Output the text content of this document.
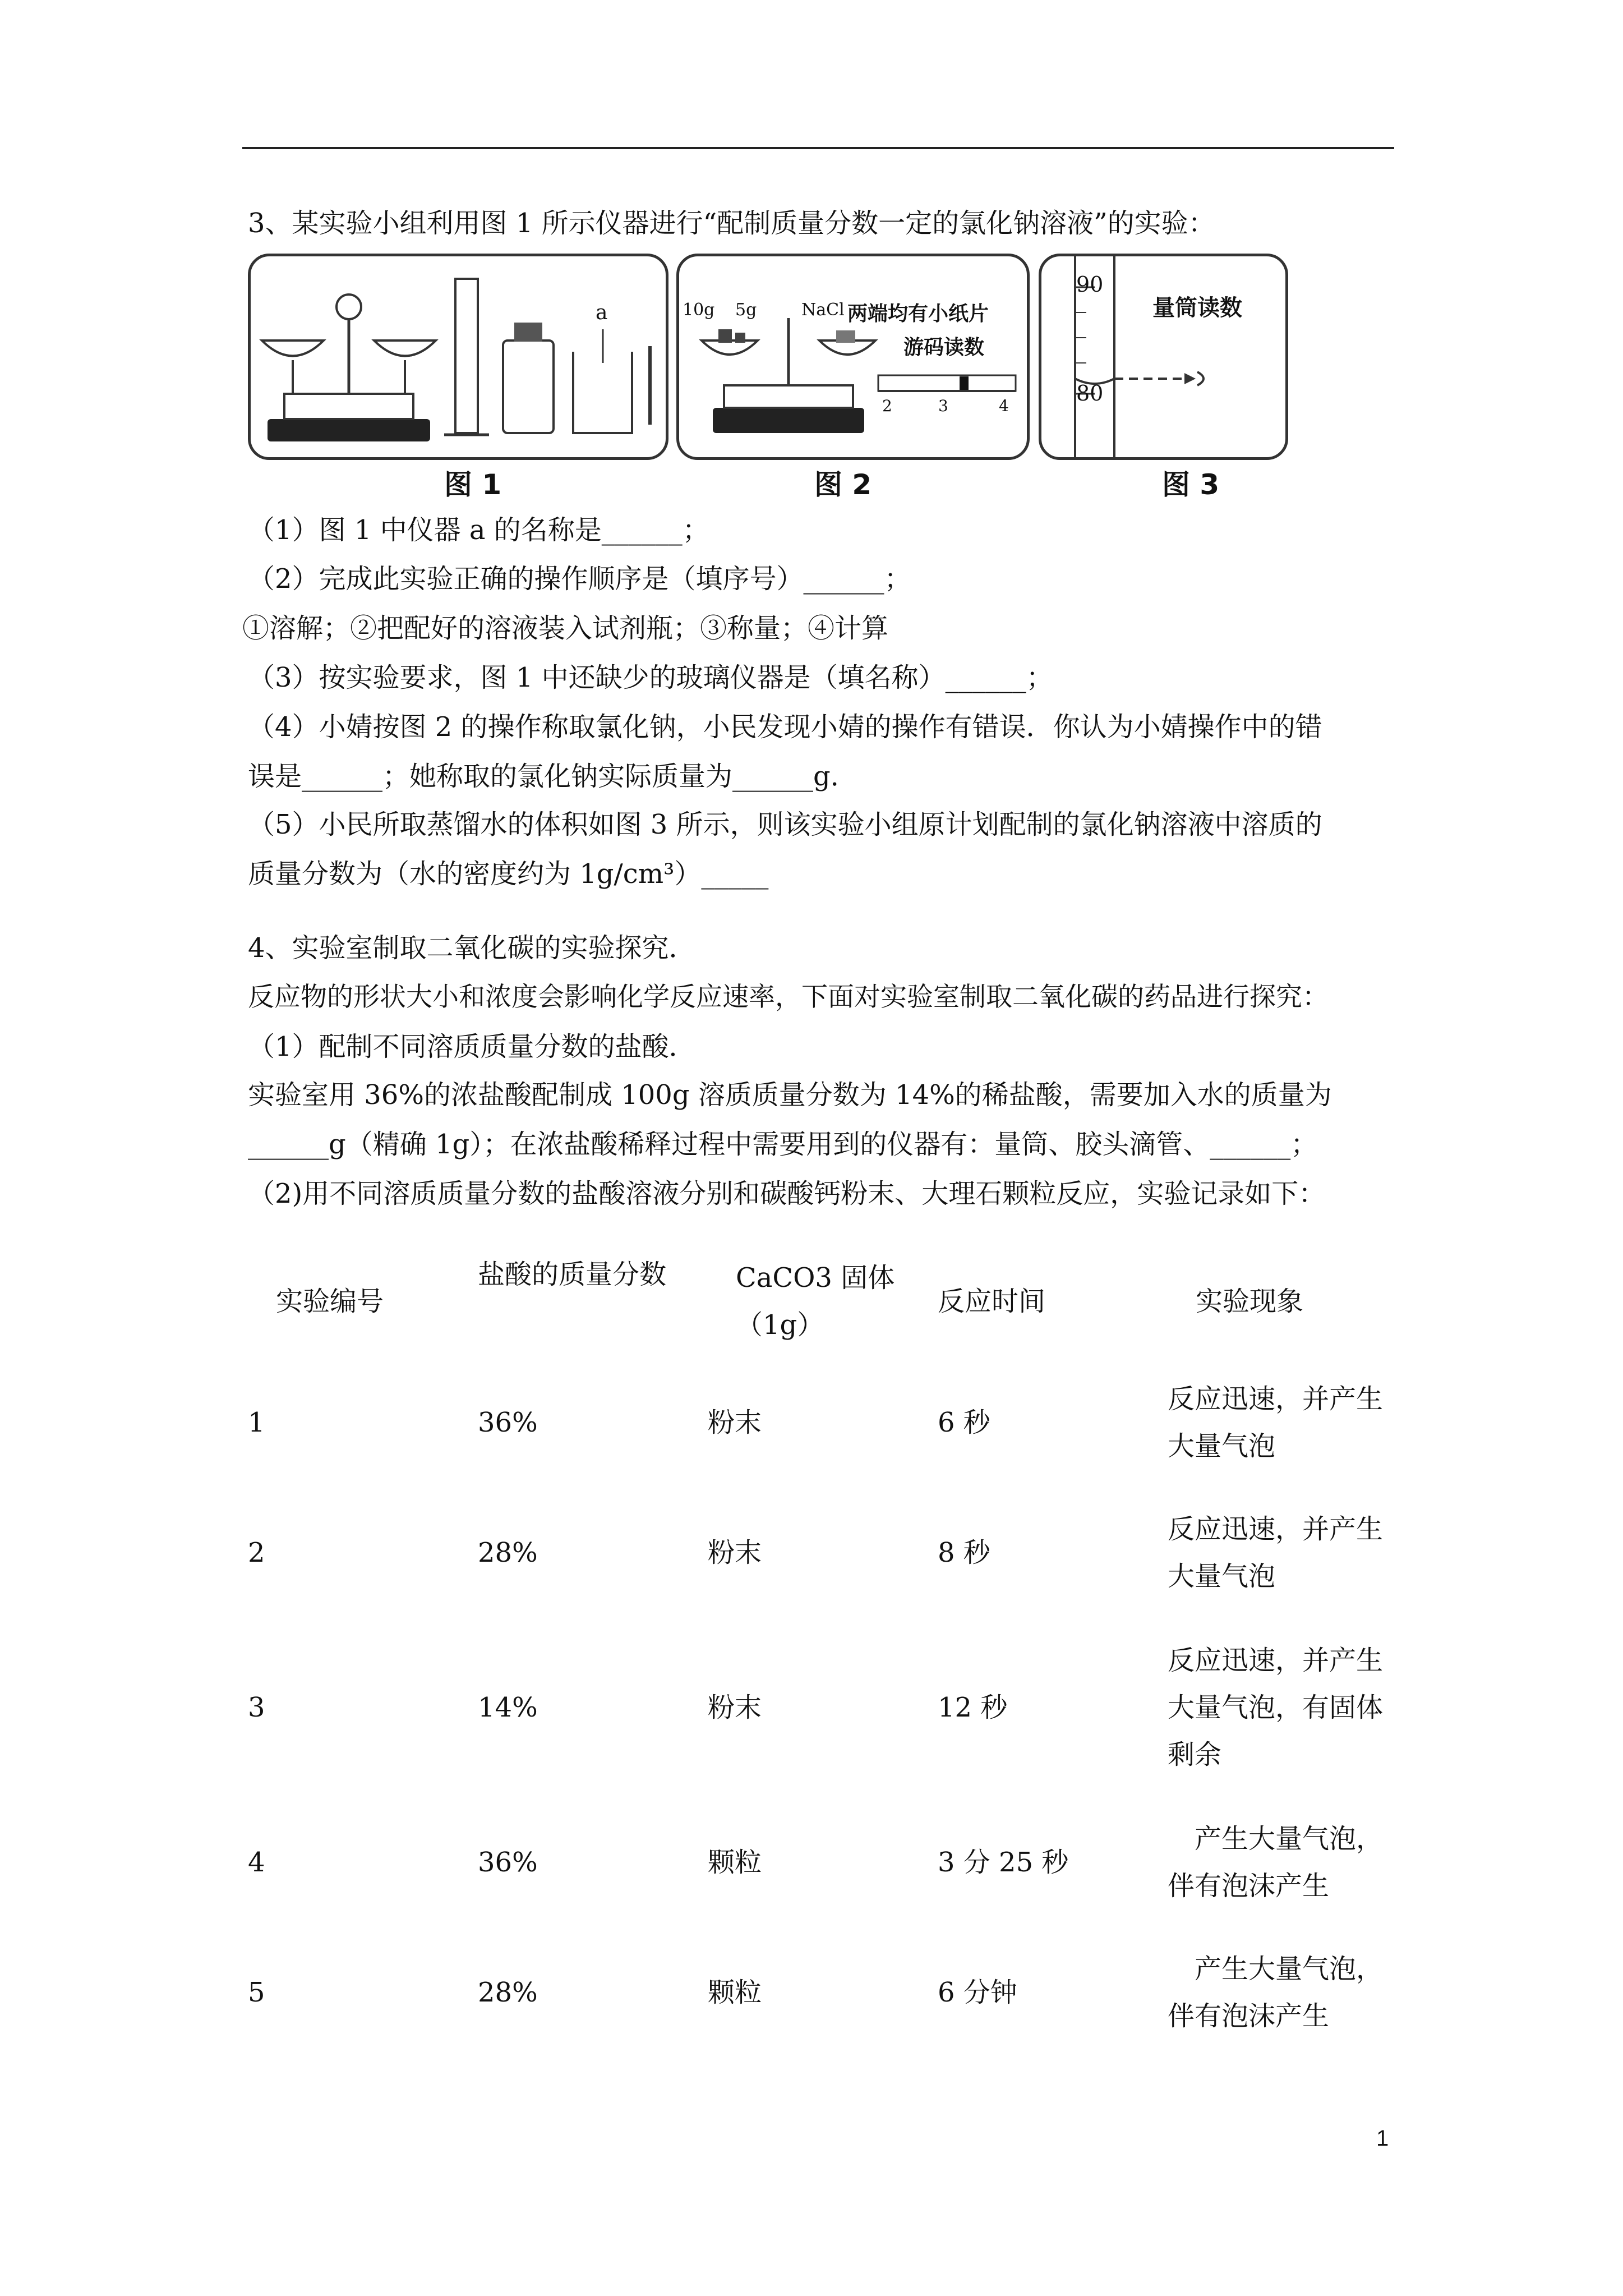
3、某实验小组利用图 1 所示仪器进行“配制质量分数一定的氯化钠溶液”的实验：
a
图 1
10g 5g	NaCl 两端均有小纸片
游码读数
2	3	4
图 2
90
80
量筒读数
图 3
（1）图 1 中仪器 a 的名称是______；
（2）完成此实验正确的操作顺序是（填序号）______；
①溶解；②把配好的溶液装入试剂瓶；③称量；④计算
（3）按实验要求，图 1 中还缺少的玻璃仪器是（填名称）______；
（4）小婧按图 2 的操作称取氯化钠，小民发现小婧的操作有错误．你认为小婧操作中的错
误是______；她称取的氯化钠实际质量为______g．
（5）小民所取蒸馏水的体积如图 3 所示，则该实验小组原计划配制的氯化钠溶液中溶质的
质量分数为（水的密度约为 1g/cm³）_____
4、实验室制取二氧化碳的实验探究．
反应物的形状大小和浓度会影响化学反应速率，下面对实验室制取二氧化碳的药品进行探究：
（1）配制不同溶质质量分数的盐酸．
实验室用 36%的浓盐酸配制成 100g 溶质质量分数为 14%的稀盐酸，需要加入水的质量为
______g（精确 1g）；在浓盐酸稀释过程中需要用到的仪器有：量筒、胶头滴管、______；
（2)用不同溶质质量分数的盐酸溶液分别和碳酸钙粉末、大理石颗粒反应，实验记录如下：
实验编号	盐酸的质量分数	CaCO3 固体（1g）	反应时间	实验现象
1	36%	粉末	6 秒	反应迅速，并产生大量气泡
2	28%	粉末	8 秒	反应迅速，并产生大量气泡
3	14%	粉末	12 秒	反应迅速，并产生大量气泡，有固体剩余
4	36%	颗粒	3 分 25 秒	　产生大量气泡，伴有泡沫产生
5	28%	颗粒	6 分钟	　产生大量气泡，伴有泡沫产生
1
